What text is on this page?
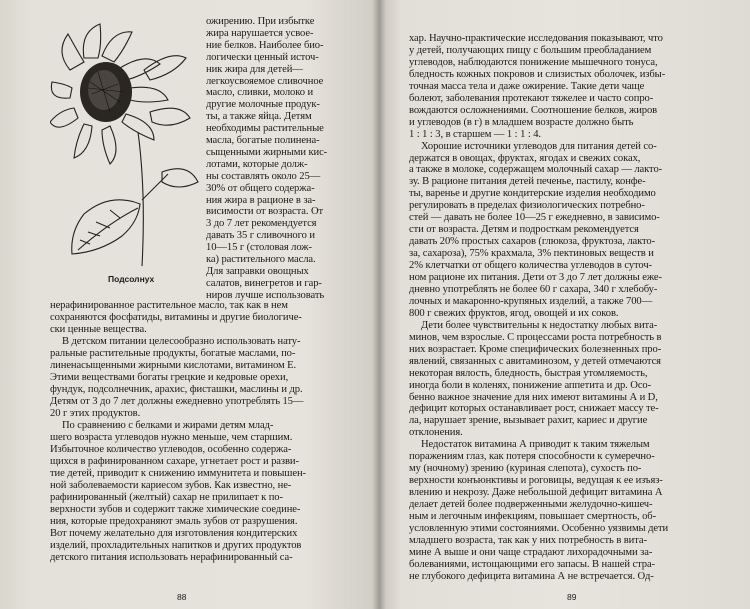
Подсолнух
ожирению. При избытке
жира нарушается усвое-
ние белков. Наиболее био-
логически ценный источ-
ник жира для детей—
легкоусвояемое сливочное
масло, сливки, молоко и
другие молочные продук-
ты, а также яйца. Детям
необходимы растительные
масла, богатые полинена-
сыщенными жирными кис-
лотами, которые долж-
ны составлять около 25—
30% от общего содержа-
ния жира в рационе в за-
висимости от возраста. От
3 до 7 лет рекомендуется
давать 35 г сливочного и
10—15 г (столовая лож-
ка) растительного масла.
Для заправки овощных
салатов, винегретов и гар-
ниров лучше использовать
нерафинированное растительное масло, так как в нем
сохраняются фосфатиды, витамины и другие биологиче-
ски ценные вещества.
В детском питании целесообразно использовать нату-
ральные растительные продукты, богатые маслами, по-
линенасыщенными жирными кислотами, витамином Е.
Этими веществами богаты грецкие и кедровые орехи,
фундук, подсолнечник, арахис, фисташки, маслины и др.
Детям от 3 до 7 лет должны ежедневно употреблять 15—
20 г этих продуктов.
По сравнению с белками и жирами детям млад-
шего возраста углеводов нужно меньше, чем старшим.
Избыточное количество углеводов, особенно содержа-
щихся в рафинированном сахаре, угнетает рост и разви-
тие детей, приводит к снижению иммунитета и повышен-
ной заболеваемости кариесом зубов. Как известно, не-
рафинированный (желтый) сахар не прилипает к по-
верхности зубов и содержит также химические соедине-
ния, которые предохраняют эмаль зубов от разрушения.
Вот почему желательно для изготовления кондитерских
изделий, прохладительных напитков и других продуктов
детского питания использовать нерафинированный са-
88
хар. Научно-практические исследования показывают, что
у детей, получающих пищу с большим преобладанием
углеводов, наблюдаются понижение мышечного тонуса,
бледность кожных покровов и слизистых оболочек, избы-
точная масса тела и даже ожирение. Такие дети чаще
болеют, заболевания протекают тяжелее и часто сопро-
вождаются осложнениями. Соотношение белков, жиров
и углеводов (в г) в младшем возрасте должно быть
1 : 1 : 3, в старшем — 1 : 1 : 4.
Хорошие источники углеводов для питания детей со-
держатся в овощах, фруктах, ягодах и свежих соках,
а также в молоке, содержащем молочный сахар — лакто-
зу. В рационе питания детей печенье, пастилу, конфе-
ты, варенье и другие кондитерские изделия необходимо
регулировать в пределах физиологических потребно-
стей — давать не более 10—25 г ежедневно, в зависимо-
сти от возраста. Детям и подросткам рекомендуется
давать 20% простых сахаров (глюкоза, фруктоза, лакто-
за, сахароза), 75% крахмала, 3% пектиновых веществ и
2% клетчатки от общего количества углеводов в суточ-
ном рационе их питания. Дети от 3 до 7 лет должны еже-
дневно употреблять не более 60 г сахара, 340 г хлебобу-
лочных и макаронно-крупяных изделий, а также 700—
800 г свежих фруктов, ягод, овощей и их соков.
Дети более чувствительны к недостатку любых вита-
минов, чем взрослые. С процессами роста потребность в
них возрастает. Кроме специфических болезненных про-
явлений, связанных с авитаминозом, у детей отмечаются
некоторая вялость, бледность, быстрая утомляемость,
иногда боли в коленях, понижение аппетита и др. Осо-
бенно важное значение для них имеют витамины А и D,
дефицит которых останавливает рост, снижает массу те-
ла, нарушает зрение, вызывает рахит, кариес и другие
отклонения.
Недостаток витамина А приводит к таким тяжелым
поражениям глаз, как потеря способности к сумеречно-
му (ночному) зрению (куриная слепота), сухость по-
верхности конъюнктивы и роговицы, ведущая к ее изъяз-
влению и некрозу. Даже небольшой дефицит витамина А
делает детей более подверженными желудочно-кишеч-
ным и легочным инфекциям, повышает смертность, об-
условленную этими состояниями. Особенно уязвимы дети
младшего возраста, так как у них потребность в вита-
мине А выше и они чаще страдают лихорадочными за-
болеваниями, истощающими его запасы. В нашей стра-
не глубокого дефицита витамина А не встречается. Од-
89
